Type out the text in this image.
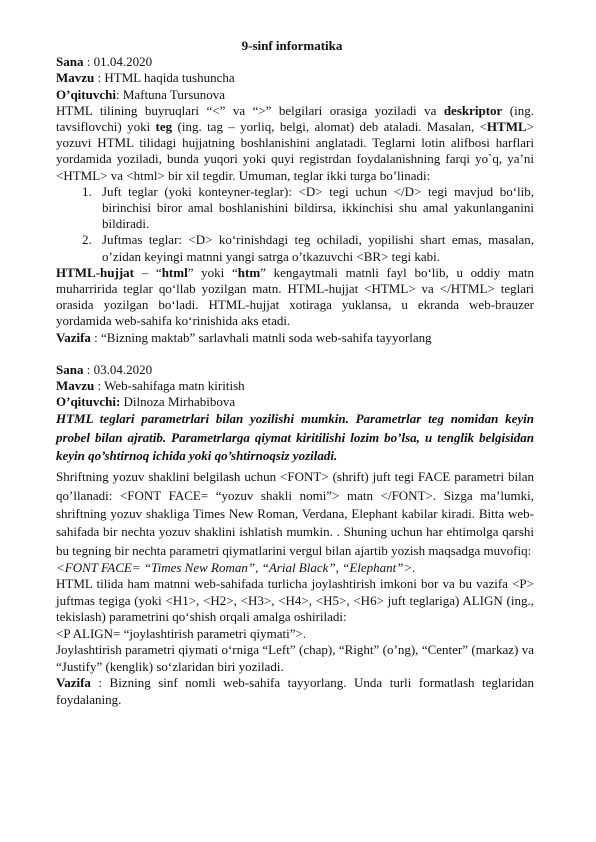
9-sinf informatika
Sana : 01.04.2020
Mavzu : HTML haqida tushuncha
O’qituvchi: Maftuna Tursunova

HTML tilining buyruqlari “<” va “>” belgilari orasiga yoziladi va deskriptor (ing. tavsiflovchi) yoki teg (ing. tag – yorliq, belgi, alomat) deb ataladi. Masalan, <HTML> yozuvi HTML tilidagi hujjatning boshlanishini anglatadi. Teglarni lotin alifbosi harflari yordamida yoziladi, bunda yuqori yoki quyi registrdan foydalanishning farqi yo`q, ya’ni <HTML> va <html> bir xil tegdir. Umuman, teglar ikki turga bo’linadi:

1. Juft teglar (yoki konteyner-teglar): <D> tegi uchun </D> tegi mavjud bo‘lib, birinchisi biror amal boshlanishini bildirsa, ikkinchisi shu amal yakunlanganini bildiradi.
2. Juftmas teglar: <D> ko‘rinishdagi teg ochiladi, yopilishi shart emas, masalan, o’zidan keyingi matnni yangi satrga o’tkazuvchi <BR> tegi kabi.

HTML-hujjat – “html” yoki “htm” kengaytmali matnli fayl bo‘lib, u oddiy matn muharririda teglar qo‘llab yozilgan matn. HTML-hujjat <HTML> va </HTML> teglari orasida yozilgan bo‘ladi. HTML-hujjat xotiraga yuklansa, u ekranda web-brauzer yordamida web-sahifa ko‘rinishida aks etadi.

Vazifa : “Bizning maktab” sarlavhali matnli soda web-sahifa tayyorlang
Sana : 03.04.2020
Mavzu : Web-sahifaga matn kiritish
O’qituvchi: Dilnoza Mirhabibova

HTML teglari parametrlari bilan yozilishi mumkin. Parametrlar teg nomidan keyin probel bilan ajratib. Parametrlarga qiymat kiritilishi lozim bo’lsa, u tenglik belgisidan keyin qo’shtirnoq ichida yoki qo’shtirnoqsiz yoziladi.

Shriftning yozuv shaklini belgilash uchun <FONT> (shrift) juft tegi FACE parametri bilan qo’llanadi: <FONT FACE= “yozuv shakli nomi”> matn </FONT>. Sizga ma’lumki, shriftning yozuv shakliga Times New Roman, Verdana, Elephant kabilar kiradi. Bitta web-sahifada bir nechta yozuv shaklini ishlatish mumkin. . Shuning uchun har ehtimolga qarshi bu tegning bir nechta parametri qiymatlarini vergul bilan ajartib yozish maqsadga muvofiq:

<FONT FACE= “Times New Roman”, “Arial Black”, “Elephant”>.

HTML tilida ham matnni web-sahifada turlicha joylashtirish imkoni bor va bu vazifa <P> juftmas tegiga (yoki <H1>, <H2>, <H3>, <H4>, <H5>, <H6> juft teglariga) ALIGN (ing., tekislash) parametrini qo‘shish orqali amalga oshiriladi:

<P ALIGN= “joylashtirish parametri qiymati”>.

Joylashtirish parametri qiymati o‘rniga “Left” (chap), “Right” (o’ng), “Center” (markaz) va “Justify” (kenglik) so‘zlaridan biri yoziladi.

Vazifa : Bizning sinf nomli web-sahifa tayyorlang. Unda turli formatlash teglaridan foydalaning.
